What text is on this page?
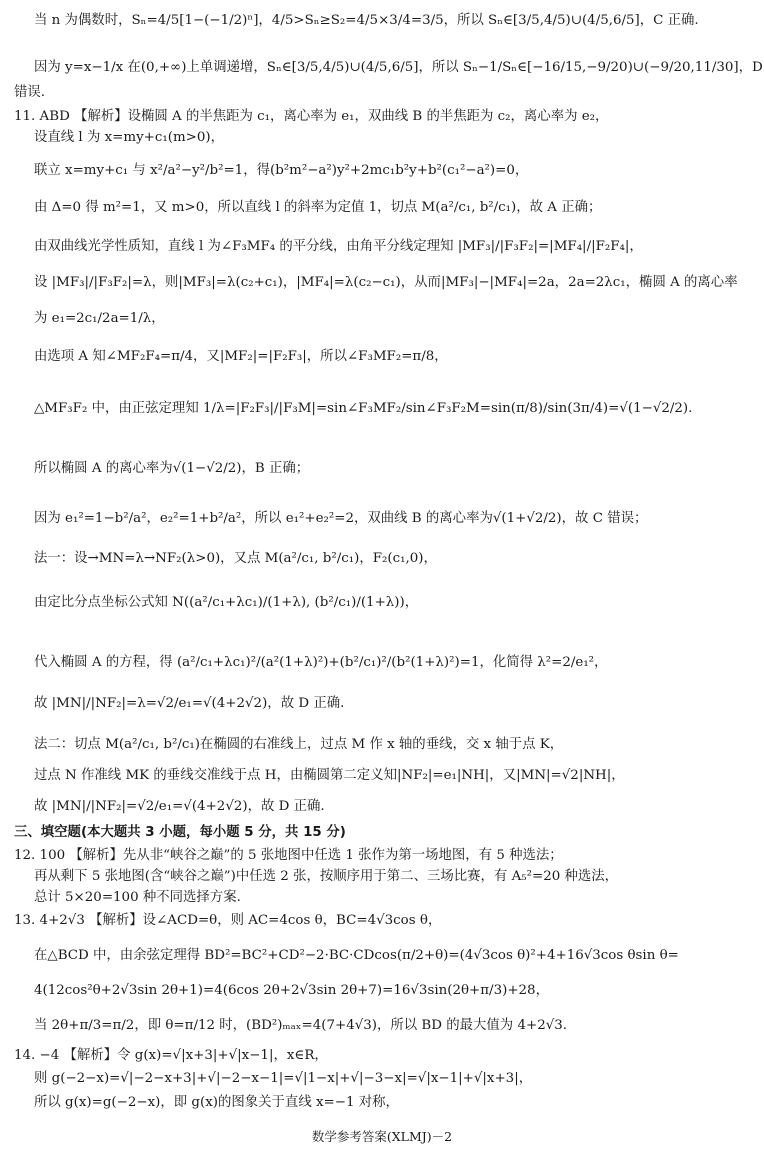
当 n 为偶数时，Sₙ=4/5[1−(−1/2)ⁿ]，4/5>Sₙ≥S₂=4/5×3/4=3/5，所以 Sₙ∈[3/5,4/5)∪(4/5,6/5]，C 正确.
因为 y=x−1/x 在(0,+∞)上单调递增，Sₙ∈[3/5,4/5)∪(4/5,6/5]，所以 Sₙ−1/Sₙ∈[−16/15,−9/20)∪(−9/20,11/30]，D
错误.
11. ABD 【解析】设椭圆 A 的半焦距为 c₁，离心率为 e₁，双曲线 B 的半焦距为 c₂，离心率为 e₂，
设直线 l 为 x=my+c₁(m>0)，
联立 x=my+c₁ 与 x²/a²−y²/b²=1，得(b²m²−a²)y²+2mc₁b²y+b²(c₁²−a²)=0，
由 Δ=0 得 m²=1，又 m>0，所以直线 l 的斜率为定值 1，切点 M(a²/c₁, b²/c₁)，故 A 正确；
由双曲线光学性质知，直线 l 为∠F₃MF₄ 的平分线，由角平分线定理知 |MF₃|/|F₃F₂|=|MF₄|/|F₂F₄|，
设 |MF₃|/|F₃F₂|=λ，则|MF₃|=λ(c₂+c₁)，|MF₄|=λ(c₂−c₁)，从而|MF₃|−|MF₄|=2a，2a=2λc₁，椭圆 A 的离心率
为 e₁=2c₁/2a=1/λ，
由选项 A 知∠MF₂F₄=π/4，又|MF₂|=|F₂F₃|，所以∠F₃MF₂=π/8，
△MF₃F₂ 中，由正弦定理知 1/λ=|F₂F₃|/|F₃M|=sin∠F₃MF₂/sin∠F₃F₂M=sin(π/8)/sin(3π/4)=√(1−√2/2).
所以椭圆 A 的离心率为√(1−√2/2)，B 正确；
因为 e₁²=1−b²/a²，e₂²=1+b²/a²，所以 e₁²+e₂²=2，双曲线 B 的离心率为√(1+√2/2)，故 C 错误；
法一：设→MN=λ→NF₂(λ>0)，又点 M(a²/c₁, b²/c₁)，F₂(c₁,0)，
由定比分点坐标公式知 N((a²/c₁+λc₁)/(1+λ), (b²/c₁)/(1+λ))，
代入椭圆 A 的方程，得 (a²/c₁+λc₁)²/(a²(1+λ)²)+(b²/c₁)²/(b²(1+λ)²)=1，化简得 λ²=2/e₁²，
故 |MN|/|NF₂|=λ=√2/e₁=√(4+2√2)，故 D 正确.
法二：切点 M(a²/c₁, b²/c₁)在椭圆的右准线上，过点 M 作 x 轴的垂线，交 x 轴于点 K，
过点 N 作准线 MK 的垂线交准线于点 H，由椭圆第二定义知|NF₂|=e₁|NH|，又|MN|=√2|NH|，
故 |MN|/|NF₂|=√2/e₁=√(4+2√2)，故 D 正确.
三、填空题(本大题共 3 小题，每小题 5 分，共 15 分)
12. 100 【解析】先从非“峡谷之巅”的 5 张地图中任选 1 张作为第一场地图，有 5 种选法；
再从剩下 5 张地图(含“峡谷之巅”)中任选 2 张，按顺序用于第二、三场比赛，有 A₅²=20 种选法，
总计 5×20=100 种不同选择方案.
13. 4+2√3 【解析】设∠ACD=θ，则 AC=4cos θ，BC=4√3cos θ，
在△BCD 中，由余弦定理得 BD²=BC²+CD²−2·BC·CDcos(π/2+θ)=(4√3cos θ)²+4+16√3cos θsin θ=
4(12cos²θ+2√3sin 2θ+1)=4(6cos 2θ+2√3sin 2θ+7)=16√3sin(2θ+π/3)+28，
当 2θ+π/3=π/2，即 θ=π/12 时，(BD²)ₘₐₓ=4(7+4√3)，所以 BD 的最大值为 4+2√3.
14. −4 【解析】令 g(x)=√|x+3|+√|x−1|，x∈R，
则 g(−2−x)=√|−2−x+3|+√|−2−x−1|=√|1−x|+√|−3−x|=√|x−1|+√|x+3|，
所以 g(x)=g(−2−x)，即 g(x)的图象关于直线 x=−1 对称，
数学参考答案(XLMJ)－2
